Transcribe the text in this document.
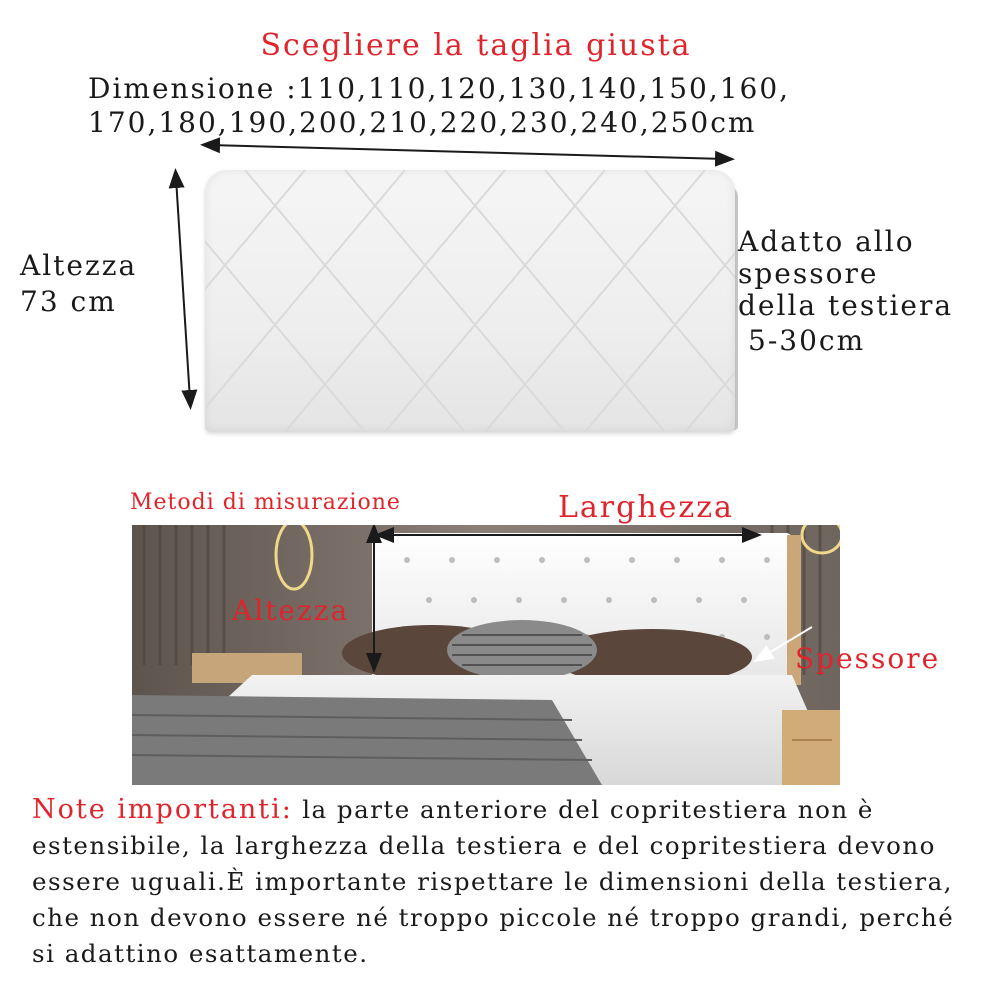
Scegliere la taglia giusta
Dimensione :110,110,120,130,140,150,160,
170,180,190,200,210,220,230,240,250cm
Altezza
73 cm
Adatto allo
spessore
della testiera
5-30cm
Metodi di misurazione	Larghezza
Altezza
Spessore
Note importanti: la parte anteriore del copritestiera non è estensibile, la larghezza della testiera e del copritestiera devono essere uguali.È importante rispettare le dimensioni della testiera, che non devono essere né troppo piccole né troppo grandi, perché si adattino esattamente.
